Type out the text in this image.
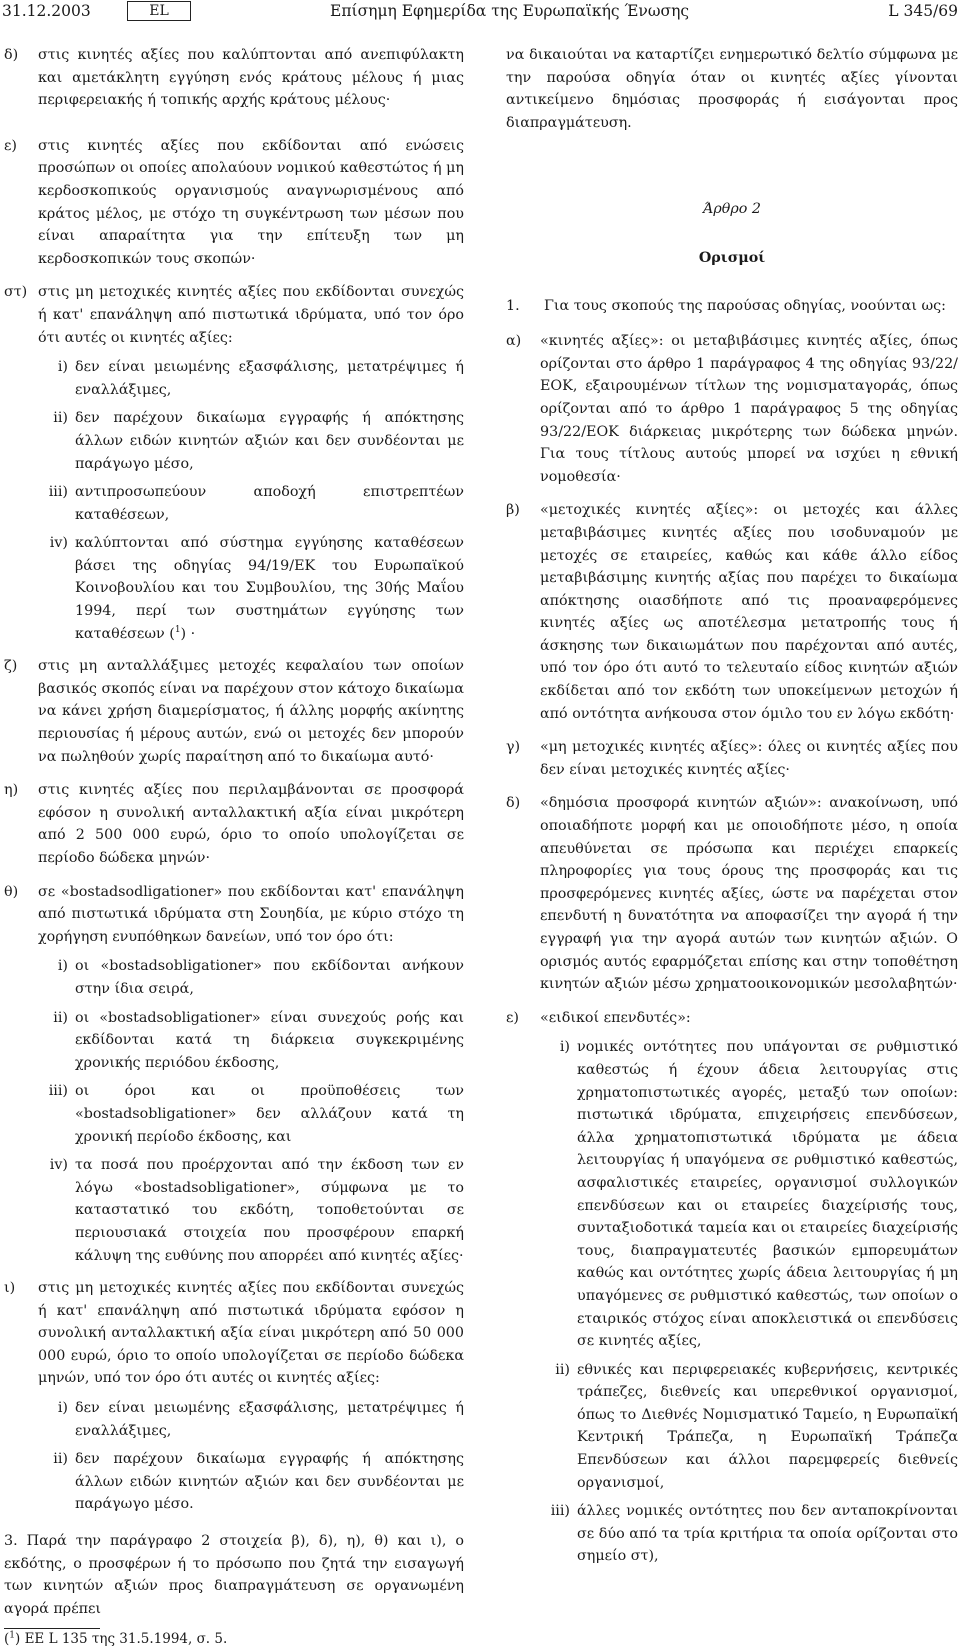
31.12.2003	EL	Επίσημη Εφημερίδα της Ευρωπαϊκής Ένωσης	L 345/69
δ)	στις κινητές αξίες που καλύπτονται από ανεπιφύλακτη και αμετάκλητη εγγύηση ενός κράτους μέλους ή μιας περιφερειακής ή τοπικής αρχής κράτους μέλους·
ε)	στις κινητές αξίες που εκδίδονται από ενώσεις προσώπων οι οποίες απολαύουν νομικού καθεστώτος ή μη κερδοσκοπικούς οργανισμούς αναγνωρισμένους από κράτος μέλος, με στόχο τη συγκέντρωση των μέσων που είναι απαραίτητα για την επίτευξη των μη κερδοσκοπικών τους σκοπών·
στ) στις μη μετοχικές κινητές αξίες που εκδίδονται συνεχώς ή κατ' επανάληψη από πιστωτικά ιδρύματα, υπό τον όρο ότι αυτές οι κινητές αξίες:
i) δεν είναι μειωμένης εξασφάλισης, μετατρέψιμες ή εναλλάξιμες,
ii) δεν παρέχουν δικαίωμα εγγραφής ή απόκτησης άλλων ειδών κινητών αξιών και δεν συνδέονται με παράγωγο μέσο,
iii) αντιπροσωπεύουν αποδοχή επιστρεπτέων καταθέσεων,
iv) καλύπτονται από σύστημα εγγύησης καταθέσεων βάσει της οδηγίας 94/19/ΕΚ του Ευρωπαϊκού Κοινοβουλίου και του Συμβουλίου, της 30ής Μαΐου 1994, περί των συστημάτων εγγύησης των καταθέσεων ($^1$) ·
ζ)	στις μη ανταλλάξιμες μετοχές κεφαλαίου των οποίων βασικός σκοπός είναι να παρέχουν στον κάτοχο δικαίωμα να κάνει χρήση διαμερίσματος, ή άλλης μορφής ακίνητης περιουσίας ή μέρους αυτών, ενώ οι μετοχές δεν μπορούν να πωληθούν χωρίς παραίτηση από το δικαίωμα αυτό·
η)	στις κινητές αξίες που περιλαμβάνονται σε προσφορά εφόσον η συνολική ανταλλακτική αξία είναι μικρότερη από 2 500 000 ευρώ, όριο το οποίο υπολογίζεται σε περίοδο δώδεκα μηνών·
θ)	σε «bostadsodligationer» που εκδίδονται κατ' επανάληψη από πιστωτικά ιδρύματα στη Σουηδία, με κύριο στόχο τη χορήγηση ενυπόθηκων δανείων, υπό τον όρο ότι:
i) οι «bostadsobligationer» που εκδίδονται ανήκουν στην ίδια σειρά,
ii) οι «bostadsobligationer» είναι συνεχούς ροής και εκδίδονται κατά τη διάρκεια συγκεκριμένης χρονικής περιόδου έκδοσης,
iii) οι όροι και οι προϋποθέσεις των «bostadsobligationer» δεν αλλάζουν κατά τη χρονική περίοδο έκδοσης, και
iv) τα ποσά που προέρχονται από την έκδοση των εν λόγω «bostadsobligationer», σύμφωνα με το καταστατικό του εκδότη, τοποθετούνται σε περιουσιακά στοιχεία που προσφέρουν επαρκή κάλυψη της ευθύνης που απορρέει από κινητές αξίες·
ι)	στις μη μετοχικές κινητές αξίες που εκδίδονται συνεχώς ή κατ' επανάληψη από πιστωτικά ιδρύματα εφόσον η συνολική ανταλλακτική αξία είναι μικρότερη από 50 000 000 ευρώ, όριο το οποίο υπολογίζεται σε περίοδο δώδεκα μηνών, υπό τον όρο ότι αυτές οι κινητές αξίες:
i) δεν είναι μειωμένης εξασφάλισης, μετατρέψιμες ή εναλλάξιμες,
ii) δεν παρέχουν δικαίωμα εγγραφής ή απόκτησης άλλων ειδών κινητών αξιών και δεν συνδέονται με παράγωγο μέσο.

3. Παρά την παράγραφο 2 στοιχεία β), δ), η), θ) και ι), ο εκδότης, ο προσφέρων ή το πρόσωπο που ζητά την εισαγωγή των κινητών αξιών προς διαπραγμάτευση σε οργανωμένη αγορά πρέπει

($^1$) ΕΕ L 135 της 31.5.1994, σ. 5.

να δικαιούται να καταρτίζει ενημερωτικό δελτίο σύμφωνα με την παρούσα οδηγία όταν οι κινητές αξίες γίνονται αντικείμενο δημόσιας προσφοράς ή εισάγονται προς διαπραγμάτευση.

Άρθρο 2
Ορισμοί
1.	Για τους σκοπούς της παρούσας οδηγίας, νοούνται ως:
α)	«κινητές αξίες»: οι μεταβιβάσιμες κινητές αξίες, όπως ορίζονται στο άρθρο 1 παράγραφος 4 της οδηγίας 93/22/ΕΟΚ, εξαιρουμένων τίτλων της νομισματαγοράς, όπως ορίζονται από το άρθρο 1 παράγραφος 5 της οδηγίας 93/22/ΕΟΚ διάρκειας μικρότερης των δώδεκα μηνών. Για τους τίτλους αυτούς μπορεί να ισχύει η εθνική νομοθεσία·
β)	«μετοχικές κινητές αξίες»: οι μετοχές και άλλες μεταβιβάσιμες κινητές αξίες που ισοδυναμούν με μετοχές σε εταιρείες, καθώς και κάθε άλλο είδος μεταβιβάσιμης κινητής αξίας που παρέχει το δικαίωμα απόκτησης οιασδήποτε από τις προαναφερόμενες κινητές αξίες ως αποτέλεσμα μετατροπής τους ή άσκησης των δικαιωμάτων που παρέχονται από αυτές, υπό τον όρο ότι αυτό το τελευταίο είδος κινητών αξιών εκδίδεται από τον εκδότη των υποκείμενων μετοχών ή από οντότητα ανήκουσα στον όμιλο του εν λόγω εκδότη·
γ)	«μη μετοχικές κινητές αξίες»: όλες οι κινητές αξίες που δεν είναι μετοχικές κινητές αξίες·
δ)	«δημόσια προσφορά κινητών αξιών»: ανακοίνωση, υπό οποιαδήποτε μορφή και με οποιοδήποτε μέσο, η οποία απευθύνεται σε πρόσωπα και περιέχει επαρκείς πληροφορίες για τους όρους της προσφοράς και τις προσφερόμενες κινητές αξίες, ώστε να παρέχεται στον επενδυτή η δυνατότητα να αποφασίζει την αγορά ή την εγγραφή για την αγορά αυτών των κινητών αξιών. Ο ορισμός αυτός εφαρμόζεται επίσης και στην τοποθέτηση κινητών αξιών μέσω χρηματοοικονομικών μεσολαβητών·
ε)	«ειδικοί επενδυτές»:
i) νομικές οντότητες που υπάγονται σε ρυθμιστικό καθεστώς ή έχουν άδεια λειτουργίας στις χρηματοπιστωτικές αγορές, μεταξύ των οποίων: πιστωτικά ιδρύματα, επιχειρήσεις επενδύσεων, άλλα χρηματοπιστωτικά ιδρύματα με άδεια λειτουργίας ή υπαγόμενα σε ρυθμιστικό καθεστώς, ασφαλιστικές εταιρείες, οργανισμοί συλλογικών επενδύσεων και οι εταιρείες διαχείρισής τους, συνταξιοδοτικά ταμεία και οι εταιρείες διαχείρισής τους, διαπραγματευτές βασικών εμπορευμάτων καθώς και οντότητες χωρίς άδεια λειτουργίας ή μη υπαγόμενες σε ρυθμιστικό καθεστώς, των οποίων ο εταιρικός στόχος είναι αποκλειστικά οι επενδύσεις σε κινητές αξίες,
ii) εθνικές και περιφερειακές κυβερνήσεις, κεντρικές τράπεζες, διεθνείς και υπερεθνικοί οργανισμοί, όπως το Διεθνές Νομισματικό Ταμείο, η Ευρωπαϊκή Κεντρική Τράπεζα, η Ευρωπαϊκή Τράπεζα Επενδύσεων και άλλοι παρεμφερείς διεθνείς οργανισμοί,
iii) άλλες νομικές οντότητες που δεν ανταποκρίνονται σε δύο από τα τρία κριτήρια τα οποία ορίζονται στο σημείο στ),
